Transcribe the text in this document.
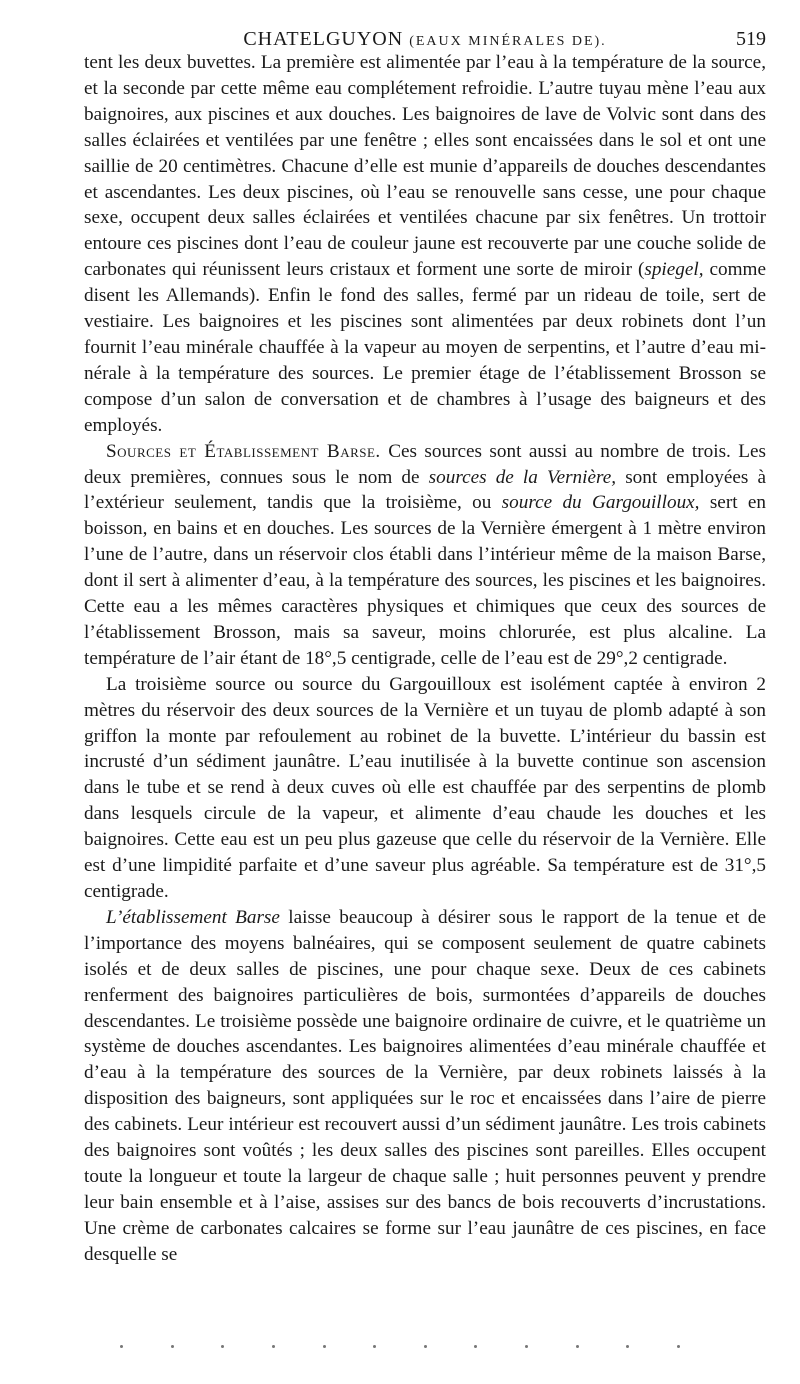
CHATELGUYON (EAUX MINÉRALES DE).	519

tent les deux buvettes. La première est alimentée par l’eau à la température de la source, et la seconde par cette même eau complétement refroidie. L’autre tuyau mène l’eau aux baignoires, aux piscines et aux douches. Les baignoires de lave de Volvic sont dans des salles éclairées et ventilées par une fenêtre ; elles sont encaissées dans le sol et ont une saillie de 20 centimètres. Chacune d’elle est munie d’appareils de douches descendantes et ascendantes. Les deux piscines, où l’eau se renouvelle sans cesse, une pour chaque sexe, occupent deux salles éclairées et ventilées chacune par six fenêtres. Un trottoir entoure ces piscines dont l’eau de couleur jaune est recouverte par une couche solide de carbonates qui réunissent leurs cristaux et forment une sorte de miroir (spiegel, comme disent les Allemands). Enfin le fond des salles, fermé par un rideau de toile, sert de vestiaire. Les baignoires et les piscines sont alimentées par deux robinets dont l’un fournit l’eau minérale chauffée à la vapeur au moyen de serpentins, et l’autre d’eau minérale à la température des sources. Le premier étage de l’établissement Brosson se compose d’un salon de conversation et de chambres à l’usage des baigneurs et des employés.

Sources et Établissement Barse. Ces sources sont aussi au nombre de trois. Les deux premières, connues sous le nom de sources de la Vernière, sont employées à l’extérieur seulement, tandis que la troisième, ou source du Gargouilloux, sert en boisson, en bains et en douches. Les sources de la Vernière émergent à 1 mètre environ l’une de l’autre, dans un réservoir clos établi dans l’intérieur même de la maison Barse, dont il sert à alimenter d’eau, à la température des sources, les piscines et les baignoires. Cette eau a les mêmes caractères physiques et chimiques que ceux des sources de l’établissement Brosson, mais sa saveur, moins chlorurée, est plus alcaline. La température de l’air étant de 18°,5 centigrade, celle de l’eau est de 29°,2 centigrade.

La troisième source ou source du Gargouilloux est isolément captée à environ 2 mètres du réservoir des deux sources de la Vernière et un tuyau de plomb adapté à son griffon la monte par refoulement au robinet de la buvette. L’intérieur du bassin est incrusté d’un sédiment jaunâtre. L’eau inutilisée à la buvette continue son ascension dans le tube et se rend à deux cuves où elle est chauffée par des serpentins de plomb dans lesquels circule de la vapeur, et alimente d’eau chaude les douches et les baignoires. Cette eau est un peu plus gazeuse que celle du réservoir de la Vernière. Elle est d’une limpidité parfaite et d’une saveur plus agréable. Sa température est de 31°,5 centigrade.

L’établissement Barse laisse beaucoup à désirer sous le rapport de la tenue et de l’importance des moyens balnéaires, qui se composent seulement de quatre cabinets isolés et de deux salles de piscines, une pour chaque sexe. Deux de ces cabinets renferment des baignoires particulières de bois, surmontées d’appareils de douches descendantes. Le troisième possède une baignoire ordinaire de cuivre, et le quatrième un système de douches ascendantes. Les baignoires alimentées d’eau minérale chauffée et d’eau à la température des sources de la Vernière, par deux robinets laissés à la disposition des baigneurs, sont appliquées sur le roc et encaissées dans l’aire de pierre des cabinets. Leur intérieur est recouvert aussi d’un sédiment jaunâtre. Les trois cabinets des baignoires sont voûtés ; les deux salles des piscines sont pareilles. Elles occupent toute la longueur et toute la largeur de chaque salle ; huit personnes peuvent y prendre leur bain ensemble et à l’aise, assises sur des bancs de bois recouverts d’incrustations. Une crème de carbonates calcaires se forme sur l’eau jaunâtre de ces piscines, en face desquelle se
